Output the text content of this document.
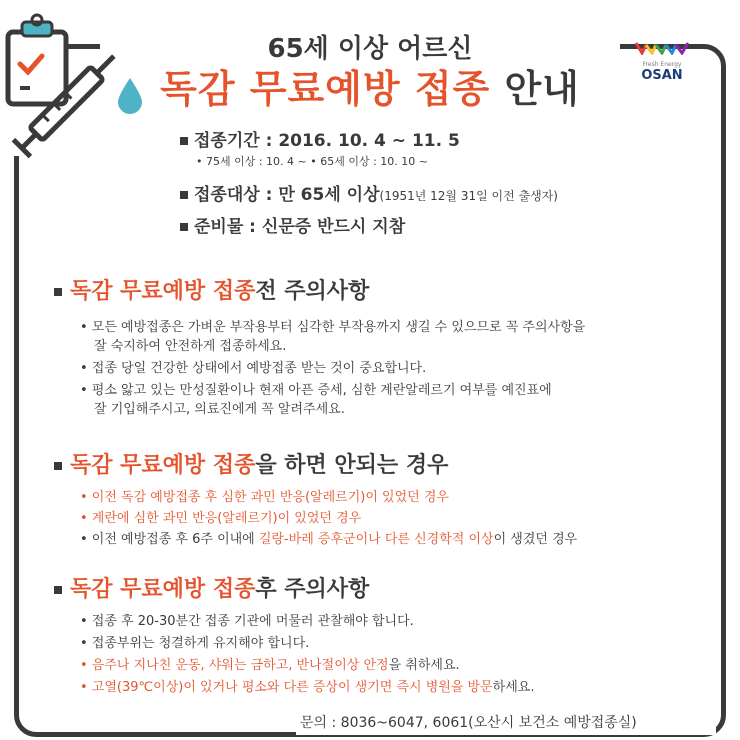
65세 이상 어르신
독감 무료예방 접종 안내
Fresh Energy
OSAN
접종기간 : 2016. 10. 4 ~ 11. 5
• 75세 이상 : 10. 4 ~ • 65세 이상 : 10. 10 ~
접종대상 : 만 65세 이상(1951년 12월 31일 이전 출생자)
준비물 : 신문증 반드시 지참
독감 무료예방 접종전 주의사항
• 모든 예방접종은 가벼운 부작용부터 심각한 부작용까지 생길 수 있으므로 꼭 주의사항을
잘 숙지하여 안전하게 접종하세요.
• 접종 당일 건강한 상태에서 예방접종 받는 것이 중요합니다.
• 평소 앓고 있는 만성질환이나 현재 아픈 증세, 심한 계란알레르기 여부를 예진표에
잘 기입해주시고, 의료진에게 꼭 알려주세요.
독감 무료예방 접종을 하면 안되는 경우
• 이전 독감 예방접종 후 심한 과민 반응(알레르기)이 있었던 경우
• 계란에 심한 과민 반응(알레르기)이 있었던 경우
• 이전 예방접종 후 6주 이내에 길랑-바레 증후군이나 다른 신경학적 이상이 생겼던 경우
독감 무료예방 접종후 주의사항
• 접종 후 20-30분간 접종 기관에 머물러 관찰해야 합니다.
• 접종부위는 청결하게 유지해야 합니다.
• 음주나 지나친 운동, 샤워는 금하고, 반나절이상 안정을 취하세요.
• 고열(39℃이상)이 있거나 평소와 다른 증상이 생기면 즉시 병원을 방문하세요.
문의 : 8036~6047, 6061(오산시 보건소 예방접종실)
